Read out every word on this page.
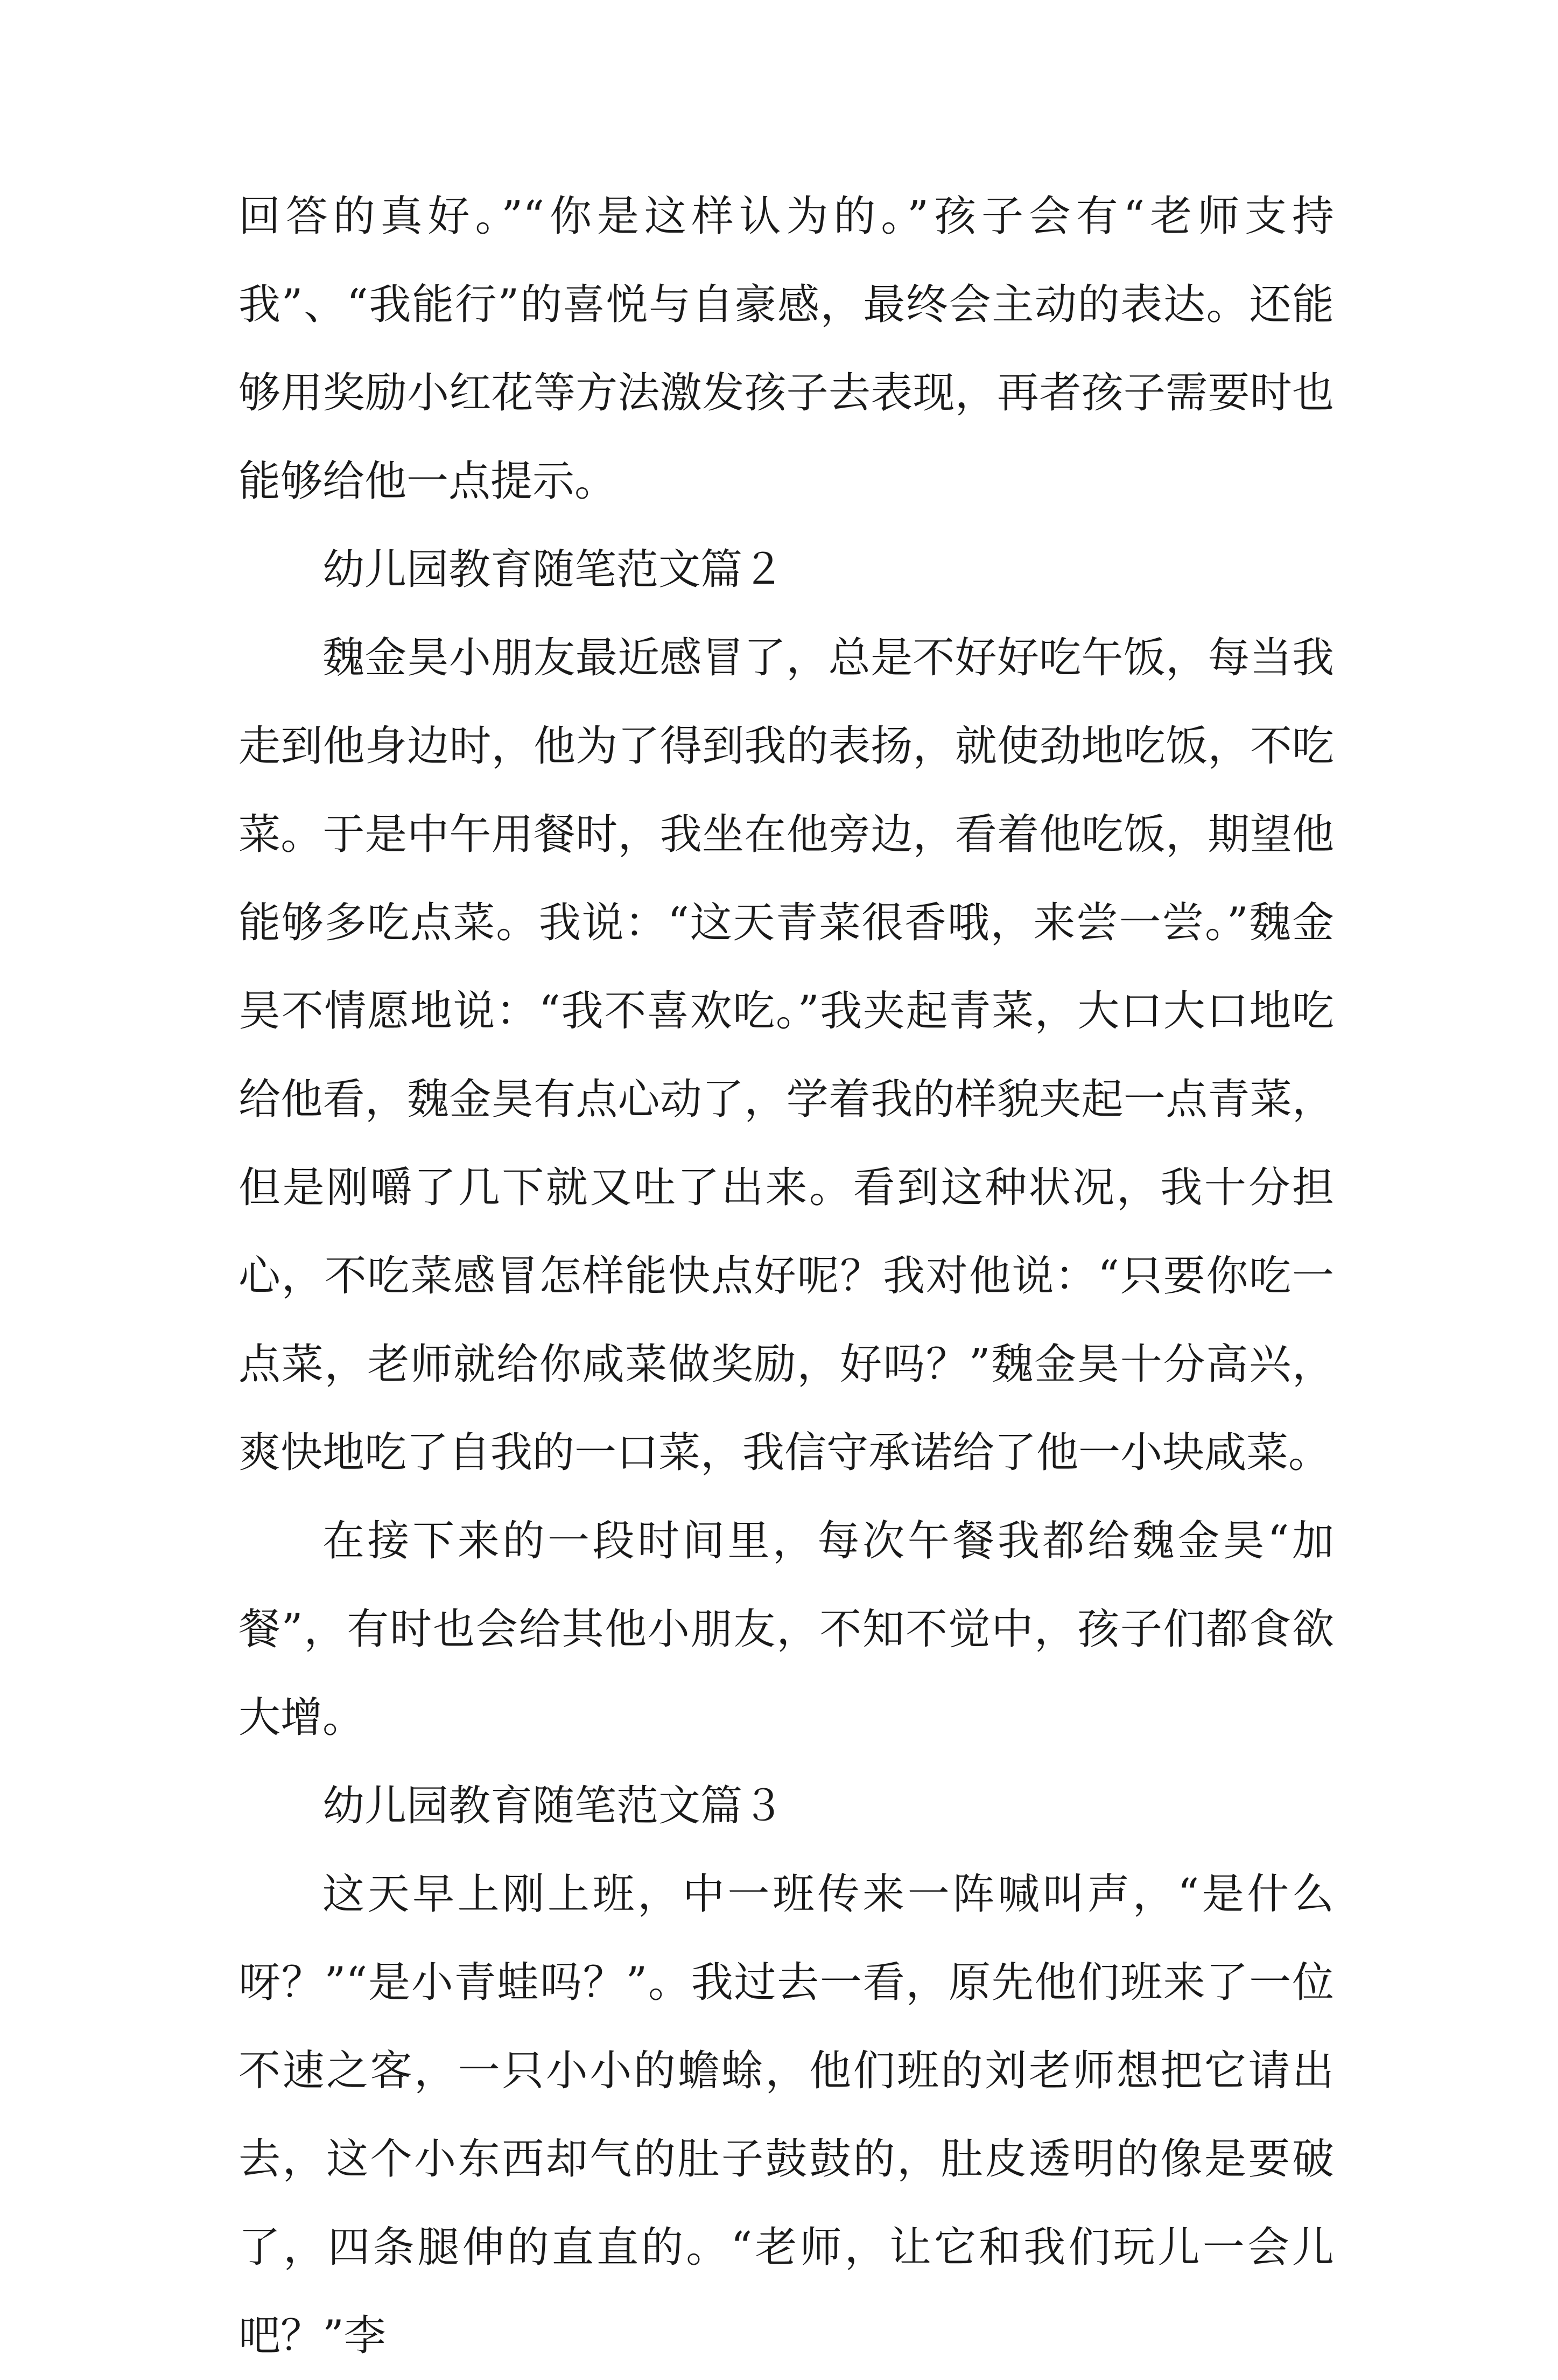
回答的真好。”“你是这样认为的。”孩子会有“老师支持我”、“我能行”的喜悦与自豪感，最终会主动的表达。还能够用奖励小红花等方法激发孩子去表现，再者孩子需要时也能够给他一点提示。

幼儿园教育随笔范文篇２

魏金昊小朋友最近感冒了，总是不好好吃午饭，每当我走到他身边时，他为了得到我的表扬，就使劲地吃饭，不吃菜。于是中午用餐时，我坐在他旁边，看着他吃饭，期望他能够多吃点菜。我说：“这天青菜很香哦，来尝一尝。”魏金昊不情愿地说：“我不喜欢吃。”我夹起青菜，大口大口地吃给他看，魏金昊有点心动了，学着我的样貌夹起一点青菜，但是刚嚼了几下就又吐了出来。看到这种状况，我十分担心，不吃菜感冒怎样能快点好呢？我对他说：“只要你吃一点菜，老师就给你咸菜做奖励，好吗？”魏金昊十分高兴，爽快地吃了自我的一口菜，我信守承诺给了他一小块咸菜。

在接下来的一段时间里，每次午餐我都给魏金昊“加餐”，有时也会给其他小朋友，不知不觉中，孩子们都食欲大增。

幼儿园教育随笔范文篇３

这天早上刚上班，中一班传来一阵喊叫声，“是什么呀？”“是小青蛙吗？”。我过去一看，原先他们班来了一位不速之客，一只小小的蟾蜍，他们班的刘老师想把它请出去，这个小东西却气的肚子鼓鼓的，肚皮透明的像是要破了，四条腿伸的直直的。“老师，让它和我们玩儿一会儿吧？”李
